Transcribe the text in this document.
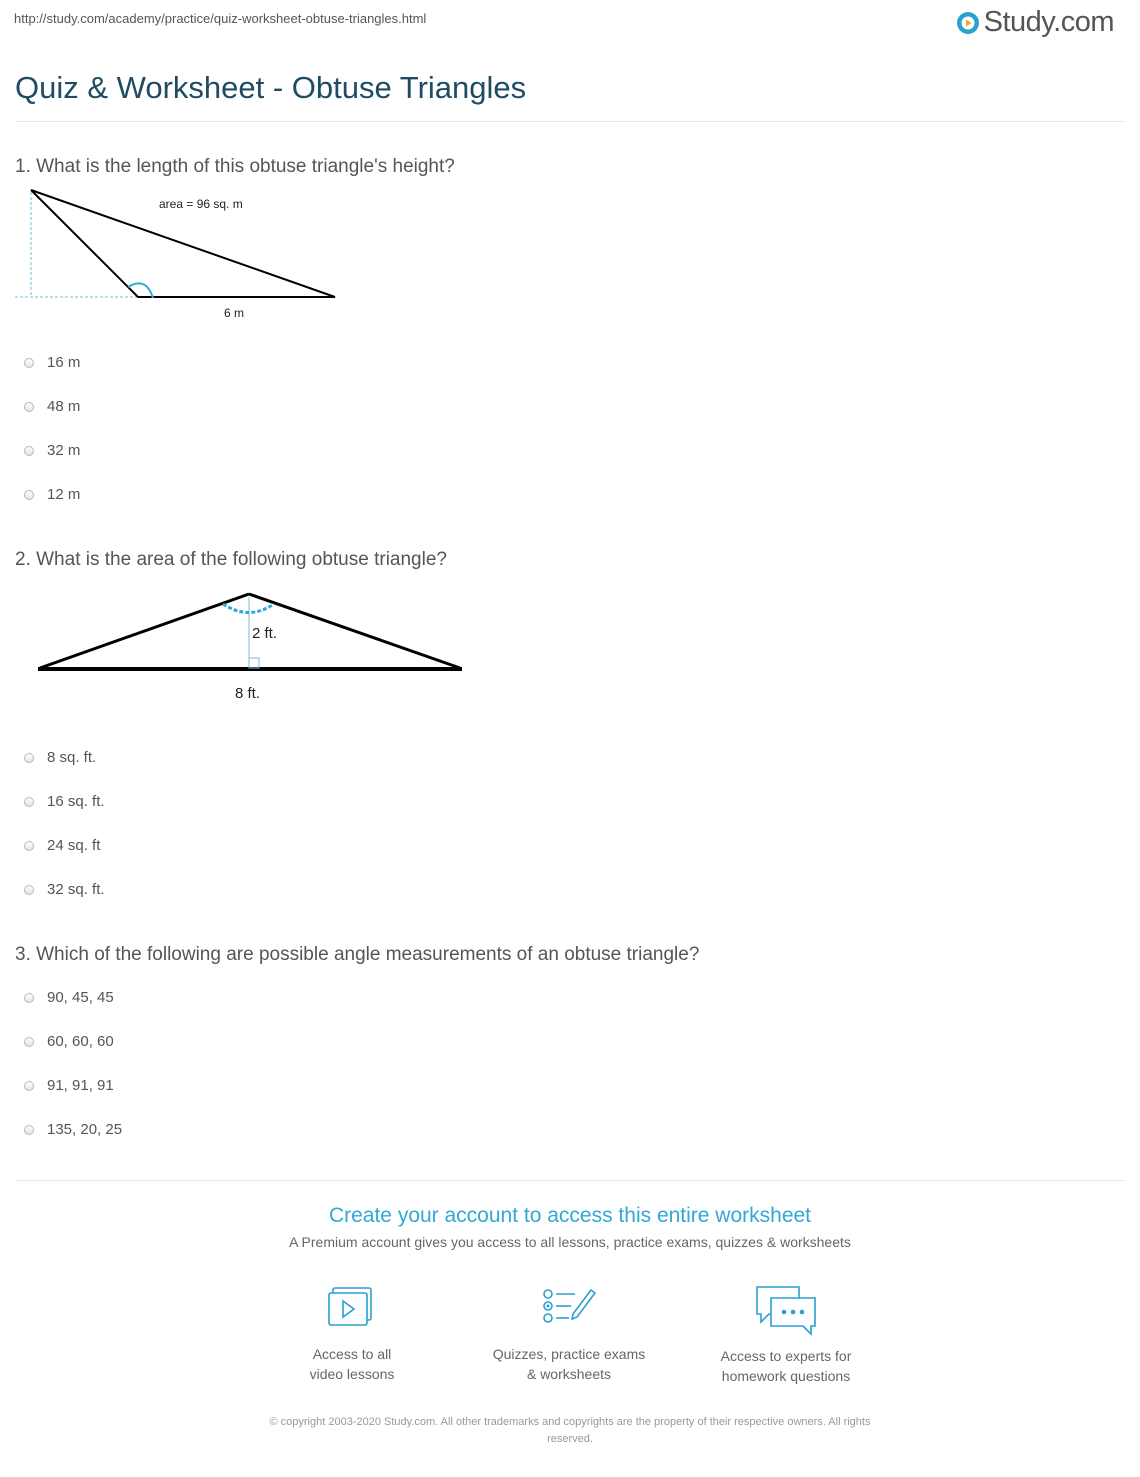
http://study.com/academy/practice/quiz-worksheet-obtuse-triangles.html	Study.com
Quiz & Worksheet - Obtuse Triangles
1. What is the length of this obtuse triangle's height?
area = 96 sq. m
6 m
16 m
48 m
32 m
12 m
2. What is the area of the following obtuse triangle?
2 ft.
8 ft.
8 sq. ft.
16 sq. ft.
24 sq. ft
32 sq. ft.
3. Which of the following are possible angle measurements of an obtuse triangle?
90, 45, 45
60, 60, 60
91, 91, 91
135, 20, 25
Create your account to access this entire worksheet
A Premium account gives you access to all lessons, practice exams, quizzes & worksheets
Access to all
video lessons
Quizzes, practice exams
& worksheets
Access to experts for
homework questions
© copyright 2003-2020 Study.com. All other trademarks and copyrights are the property of their respective owners. All rights
reserved.
